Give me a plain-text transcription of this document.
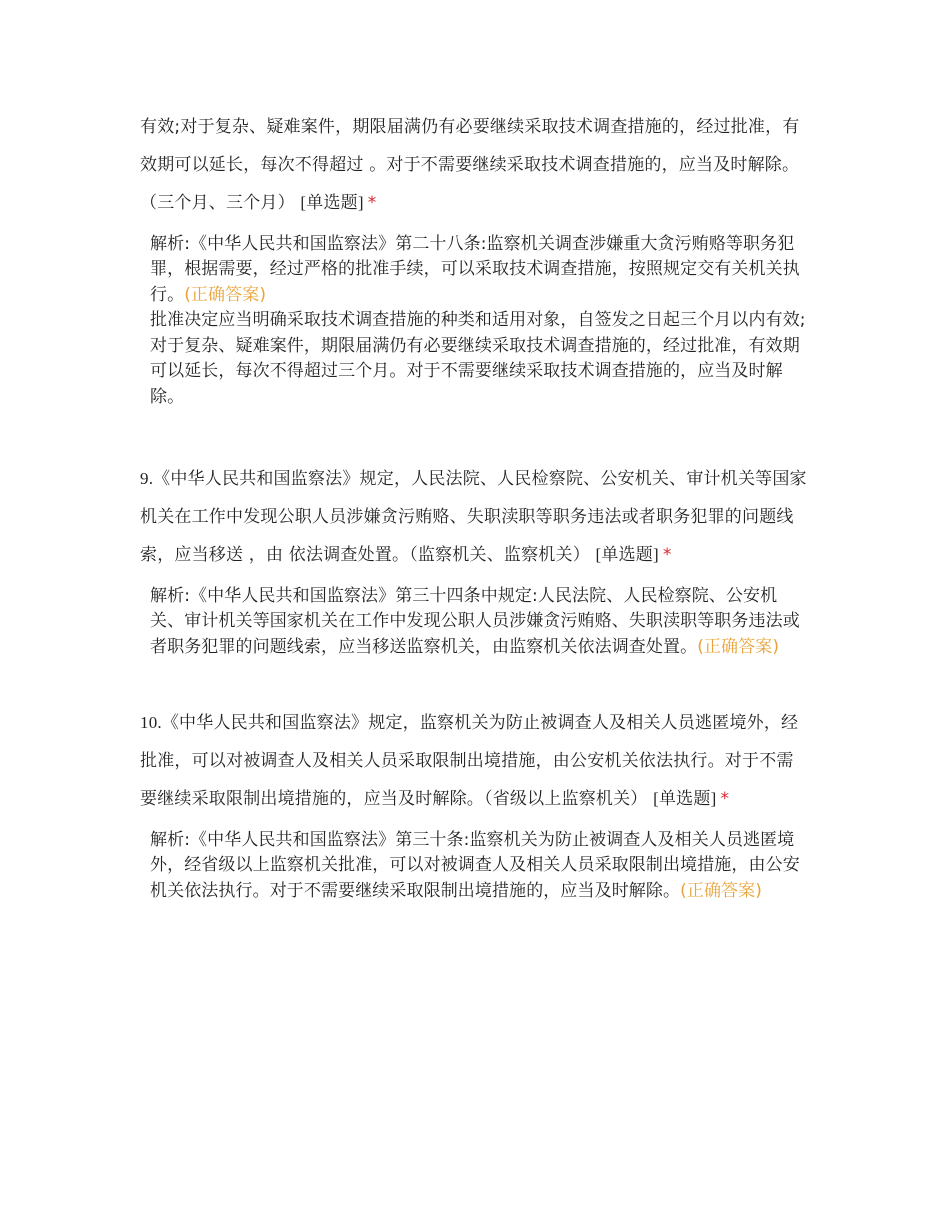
有效;对于复杂、疑难案件，期限届满仍有必要继续采取技术调查措施的，经过批准，有效期可以延长，每次不得超过 。对于不需要继续采取技术调查措施的，应当及时解除。（三个月、三个月） [单选题] *

解析:《中华人民共和国监察法》第二十八条:监察机关调查涉嫌重大贪污贿赂等职务犯罪，根据需要，经过严格的批准手续，可以采取技术调查措施，按照规定交有关机关执行。(正确答案)

批准决定应当明确采取技术调查措施的种类和适用对象，自签发之日起三个月以内有效;对于复杂、疑难案件，期限届满仍有必要继续采取技术调查措施的，经过批准，有效期可以延长，每次不得超过三个月。对于不需要继续采取技术调查措施的，应当及时解除。

9.《中华人民共和国监察法》规定，人民法院、人民检察院、公安机关、审计机关等国家机关在工作中发现公职人员涉嫌贪污贿赂、失职渎职等职务违法或者职务犯罪的问题线索，应当移送 ，由 依法调查处置。（监察机关、监察机关） [单选题] *

解析:《中华人民共和国监察法》第三十四条中规定:人民法院、人民检察院、公安机关、审计机关等国家机关在工作中发现公职人员涉嫌贪污贿赂、失职渎职等职务违法或者职务犯罪的问题线索，应当移送监察机关，由监察机关依法调查处置。(正确答案)

10.《中华人民共和国监察法》规定，监察机关为防止被调查人及相关人员逃匿境外，经 批准，可以对被调查人及相关人员采取限制出境措施，由公安机关依法执行。对于不需要继续采取限制出境措施的，应当及时解除。（省级以上监察机关） [单选题] *

解析:《中华人民共和国监察法》第三十条:监察机关为防止被调查人及相关人员逃匿境外，经省级以上监察机关批准，可以对被调查人及相关人员采取限制出境措施，由公安机关依法执行。对于不需要继续采取限制出境措施的，应当及时解除。(正确答案)
